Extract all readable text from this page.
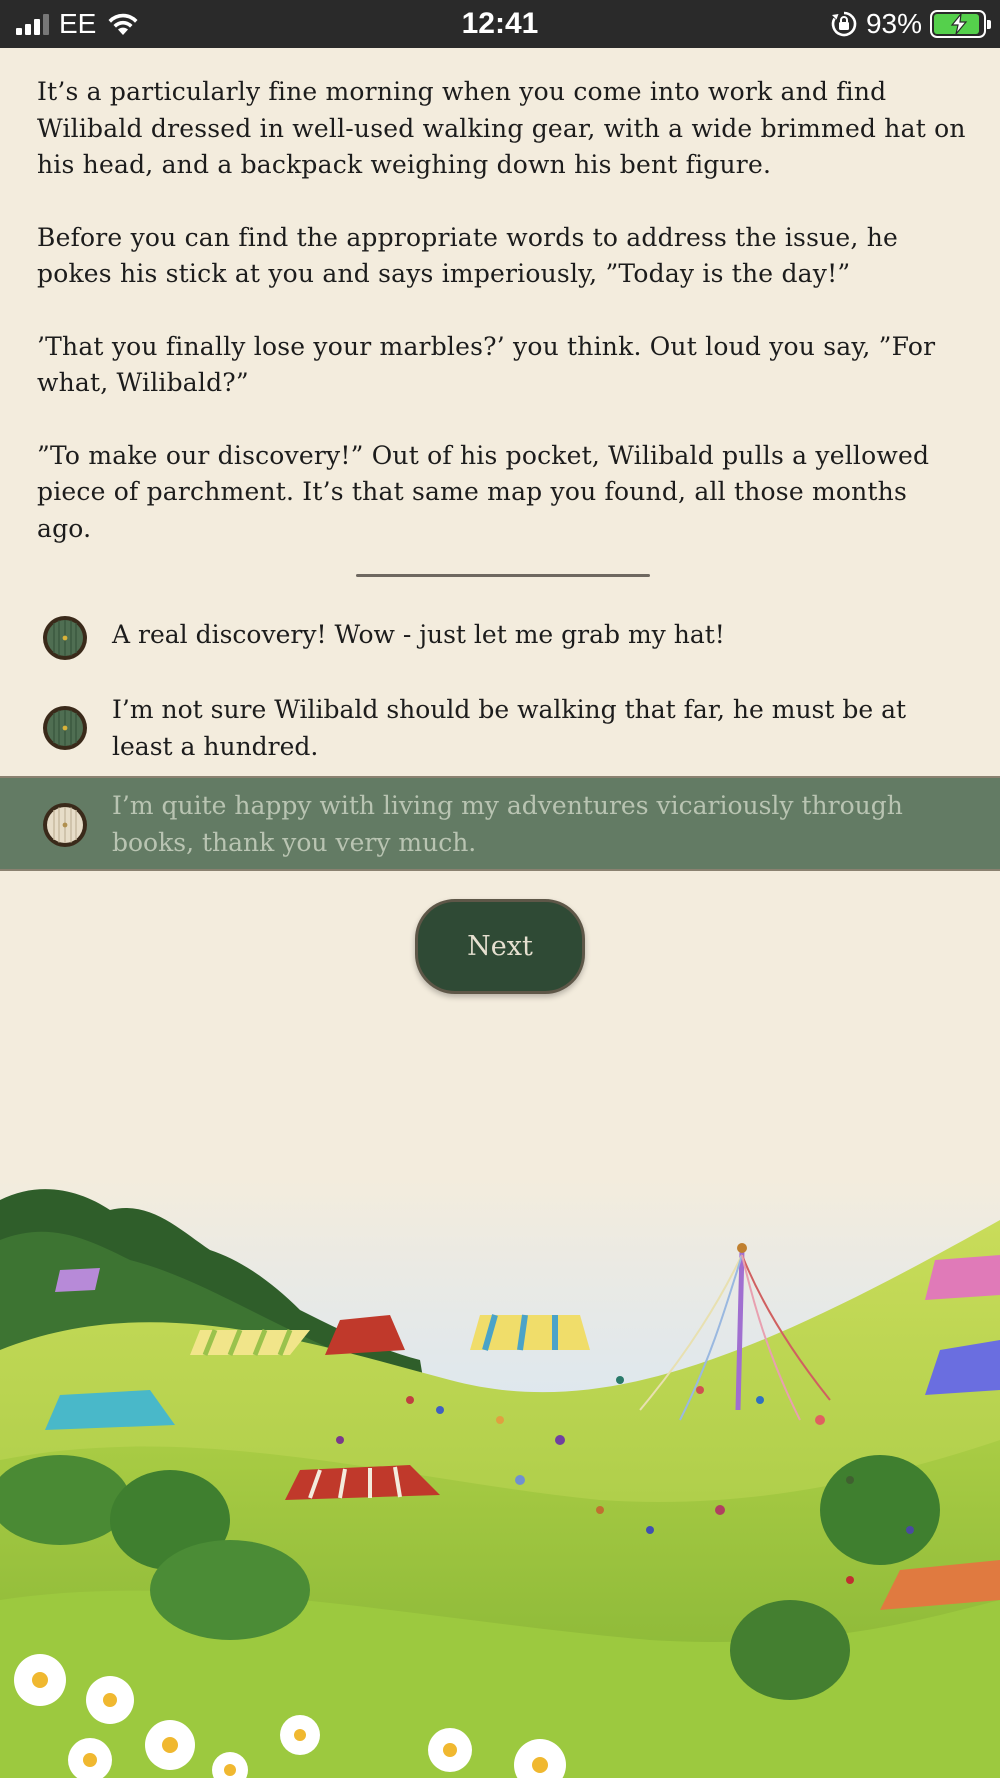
EE	12:41	93%

It’s a particularly fine morning when you come into work and find Wilibald dressed in well-used walking gear, with a wide brimmed hat on his head, and a backpack weighing down his bent figure.

Before you can find the appropriate words to address the issue, he pokes his stick at you and says imperiously, ”Today is the day!”

’That you finally lose your marbles?’ you think. Out loud you say, ”For what, Wilibald?”

”To make our discovery!” Out of his pocket, Wilibald pulls a yellowed piece of parchment. It’s that same map you found, all those months ago.

A real discovery! Wow - just let me grab my hat!
I’m not sure Wilibald should be walking that far, he must be at least a hundred.
I’m quite happy with living my adventures vicariously through books, thank you very much.
Next
